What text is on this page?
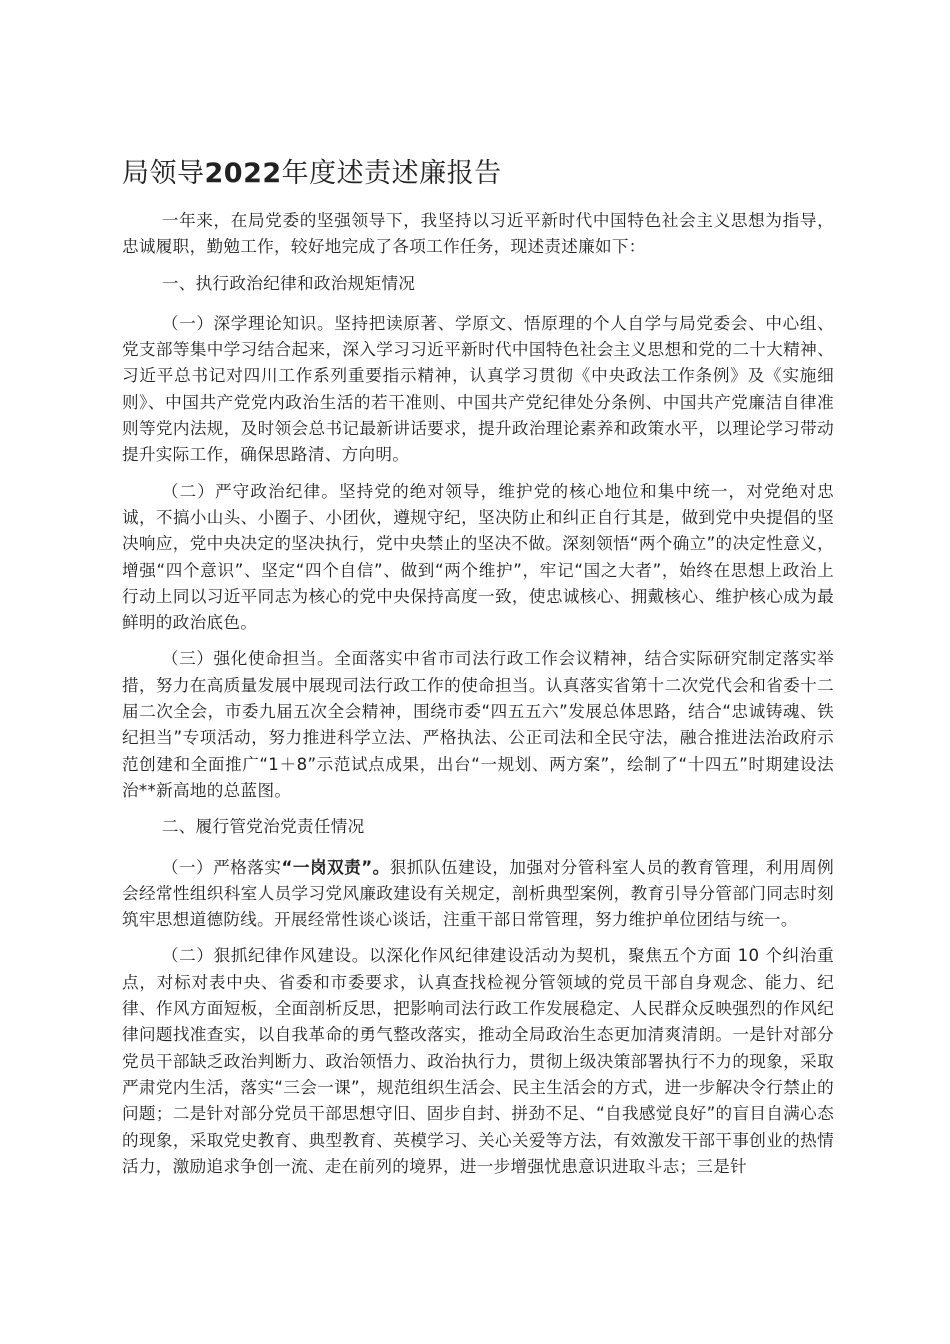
局领导2022年度述责述廉报告

一年来，在局党委的坚强领导下，我坚持以习近平新时代中国特色社会主义思想为指导，忠诚履职，勤勉工作，较好地完成了各项工作任务，现述责述廉如下：

一、执行政治纪律和政治规矩情况

（一）深学理论知识。坚持把读原著、学原文、悟原理的个人自学与局党委会、中心组、党支部等集中学习结合起来，深入学习习近平新时代中国特色社会主义思想和党的二十大精神、习近平总书记对四川工作系列重要指示精神，认真学习贯彻《中央政法工作条例》及《实施细则》、中国共产党党内政治生活的若干准则、中国共产党纪律处分条例、中国共产党廉洁自律准则等党内法规，及时领会总书记最新讲话要求，提升政治理论素养和政策水平，以理论学习带动提升实际工作，确保思路清、方向明。

（二）严守政治纪律。坚持党的绝对领导，维护党的核心地位和集中统一，对党绝对忠诚，不搞小山头、小圈子、小团伙，遵规守纪，坚决防止和纠正自行其是，做到党中央提倡的坚决响应，党中央决定的坚决执行，党中央禁止的坚决不做。深刻领悟“两个确立”的决定性意义，增强“四个意识”、坚定“四个自信”、做到“两个维护”，牢记“国之大者”，始终在思想上政治上行动上同以习近平同志为核心的党中央保持高度一致，使忠诚核心、拥戴核心、维护核心成为最鲜明的政治底色。

（三）强化使命担当。全面落实中省市司法行政工作会议精神，结合实际研究制定落实举措，努力在高质量发展中展现司法行政工作的使命担当。认真落实省第十二次党代会和省委十二届二次全会，市委九届五次全会精神，围绕市委“四五五六”发展总体思路，结合“忠诚铸魂、铁纪担当”专项活动，努力推进科学立法、严格执法、公正司法和全民守法，融合推进法治政府示范创建和全面推广“1＋8”示范试点成果，出台“一规划、两方案”，绘制了“十四五”时期建设法治**新高地的总蓝图。

二、履行管党治党责任情况

（一）严格落实“一岗双责”。狠抓队伍建设，加强对分管科室人员的教育管理，利用周例会经常性组织科室人员学习党风廉政建设有关规定，剖析典型案例，教育引导分管部门同志时刻筑牢思想道德防线。开展经常性谈心谈话，注重干部日常管理，努力维护单位团结与统一。

（二）狠抓纪律作风建设。以深化作风纪律建设活动为契机，聚焦五个方面 10 个纠治重点，对标对表中央、省委和市委要求，认真查找检视分管领域的党员干部自身观念、能力、纪律、作风方面短板，全面剖析反思，把影响司法行政工作发展稳定、人民群众反映强烈的作风纪律问题找准查实，以自我革命的勇气整改落实，推动全局政治生态更加清爽清朗。一是针对部分党员干部缺乏政治判断力、政治领悟力、政治执行力，贯彻上级决策部署执行不力的现象，采取严肃党内生活，落实“三会一课”，规范组织生活会、民主生活会的方式，进一步解决令行禁止的问题；二是针对部分党员干部思想守旧、固步自封、拼劲不足、“自我感觉良好”的盲目自满心态的现象，采取党史教育、典型教育、英模学习、关心关爱等方法，有效激发干部干事创业的热情活力，激励追求争创一流、走在前列的境界，进一步增强忧患意识进取斗志；三是针
